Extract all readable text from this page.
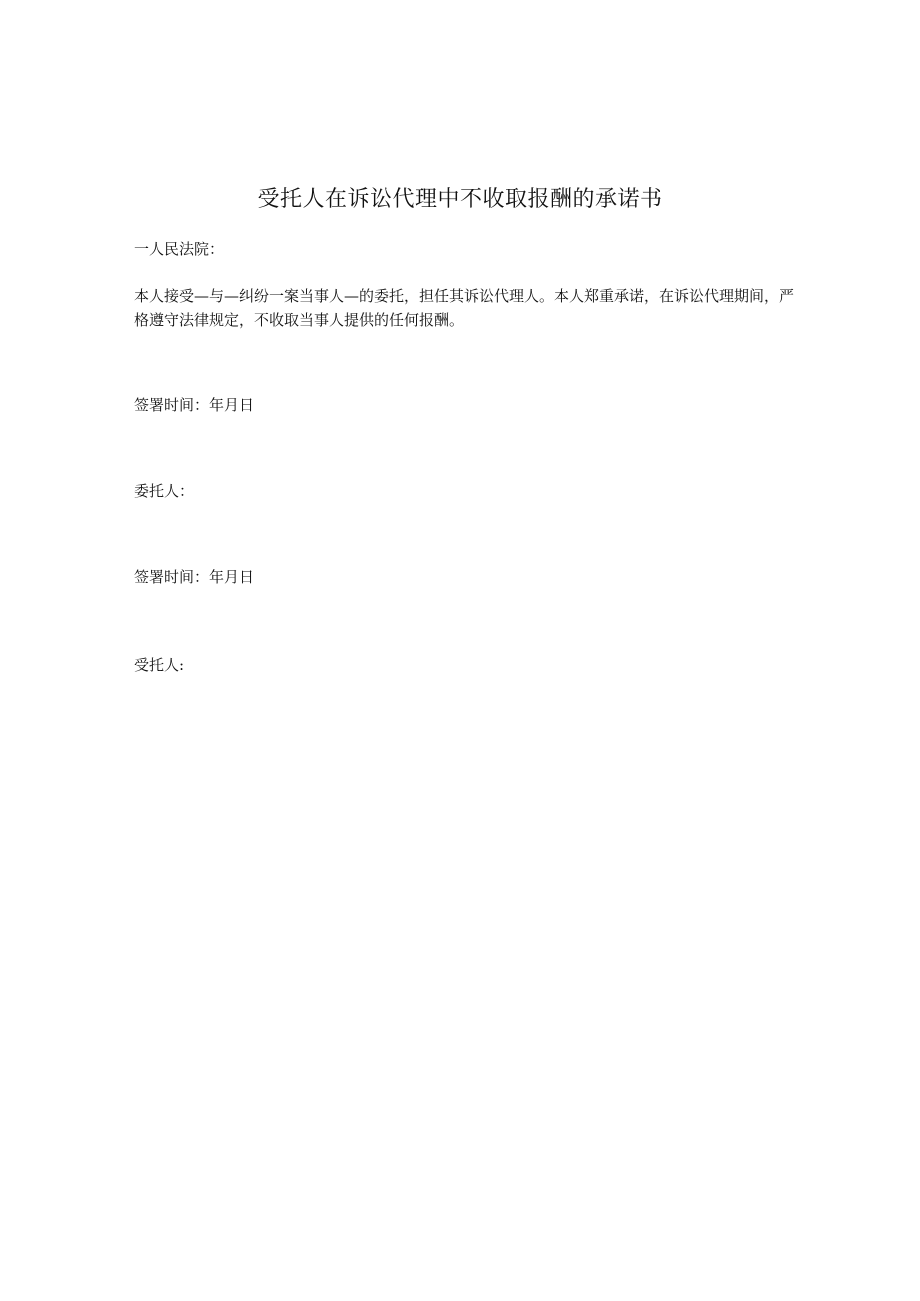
受托人在诉讼代理中不收取报酬的承诺书
一人民法院：
本人接受—与—纠纷一案当事人—的委托，担任其诉讼代理人。本人郑重承诺，在诉讼代理期间，严格遵守法律规定，不收取当事人提供的任何报酬。
签署时间：年月日
委托人：
签署时间：年月日
受托人:
